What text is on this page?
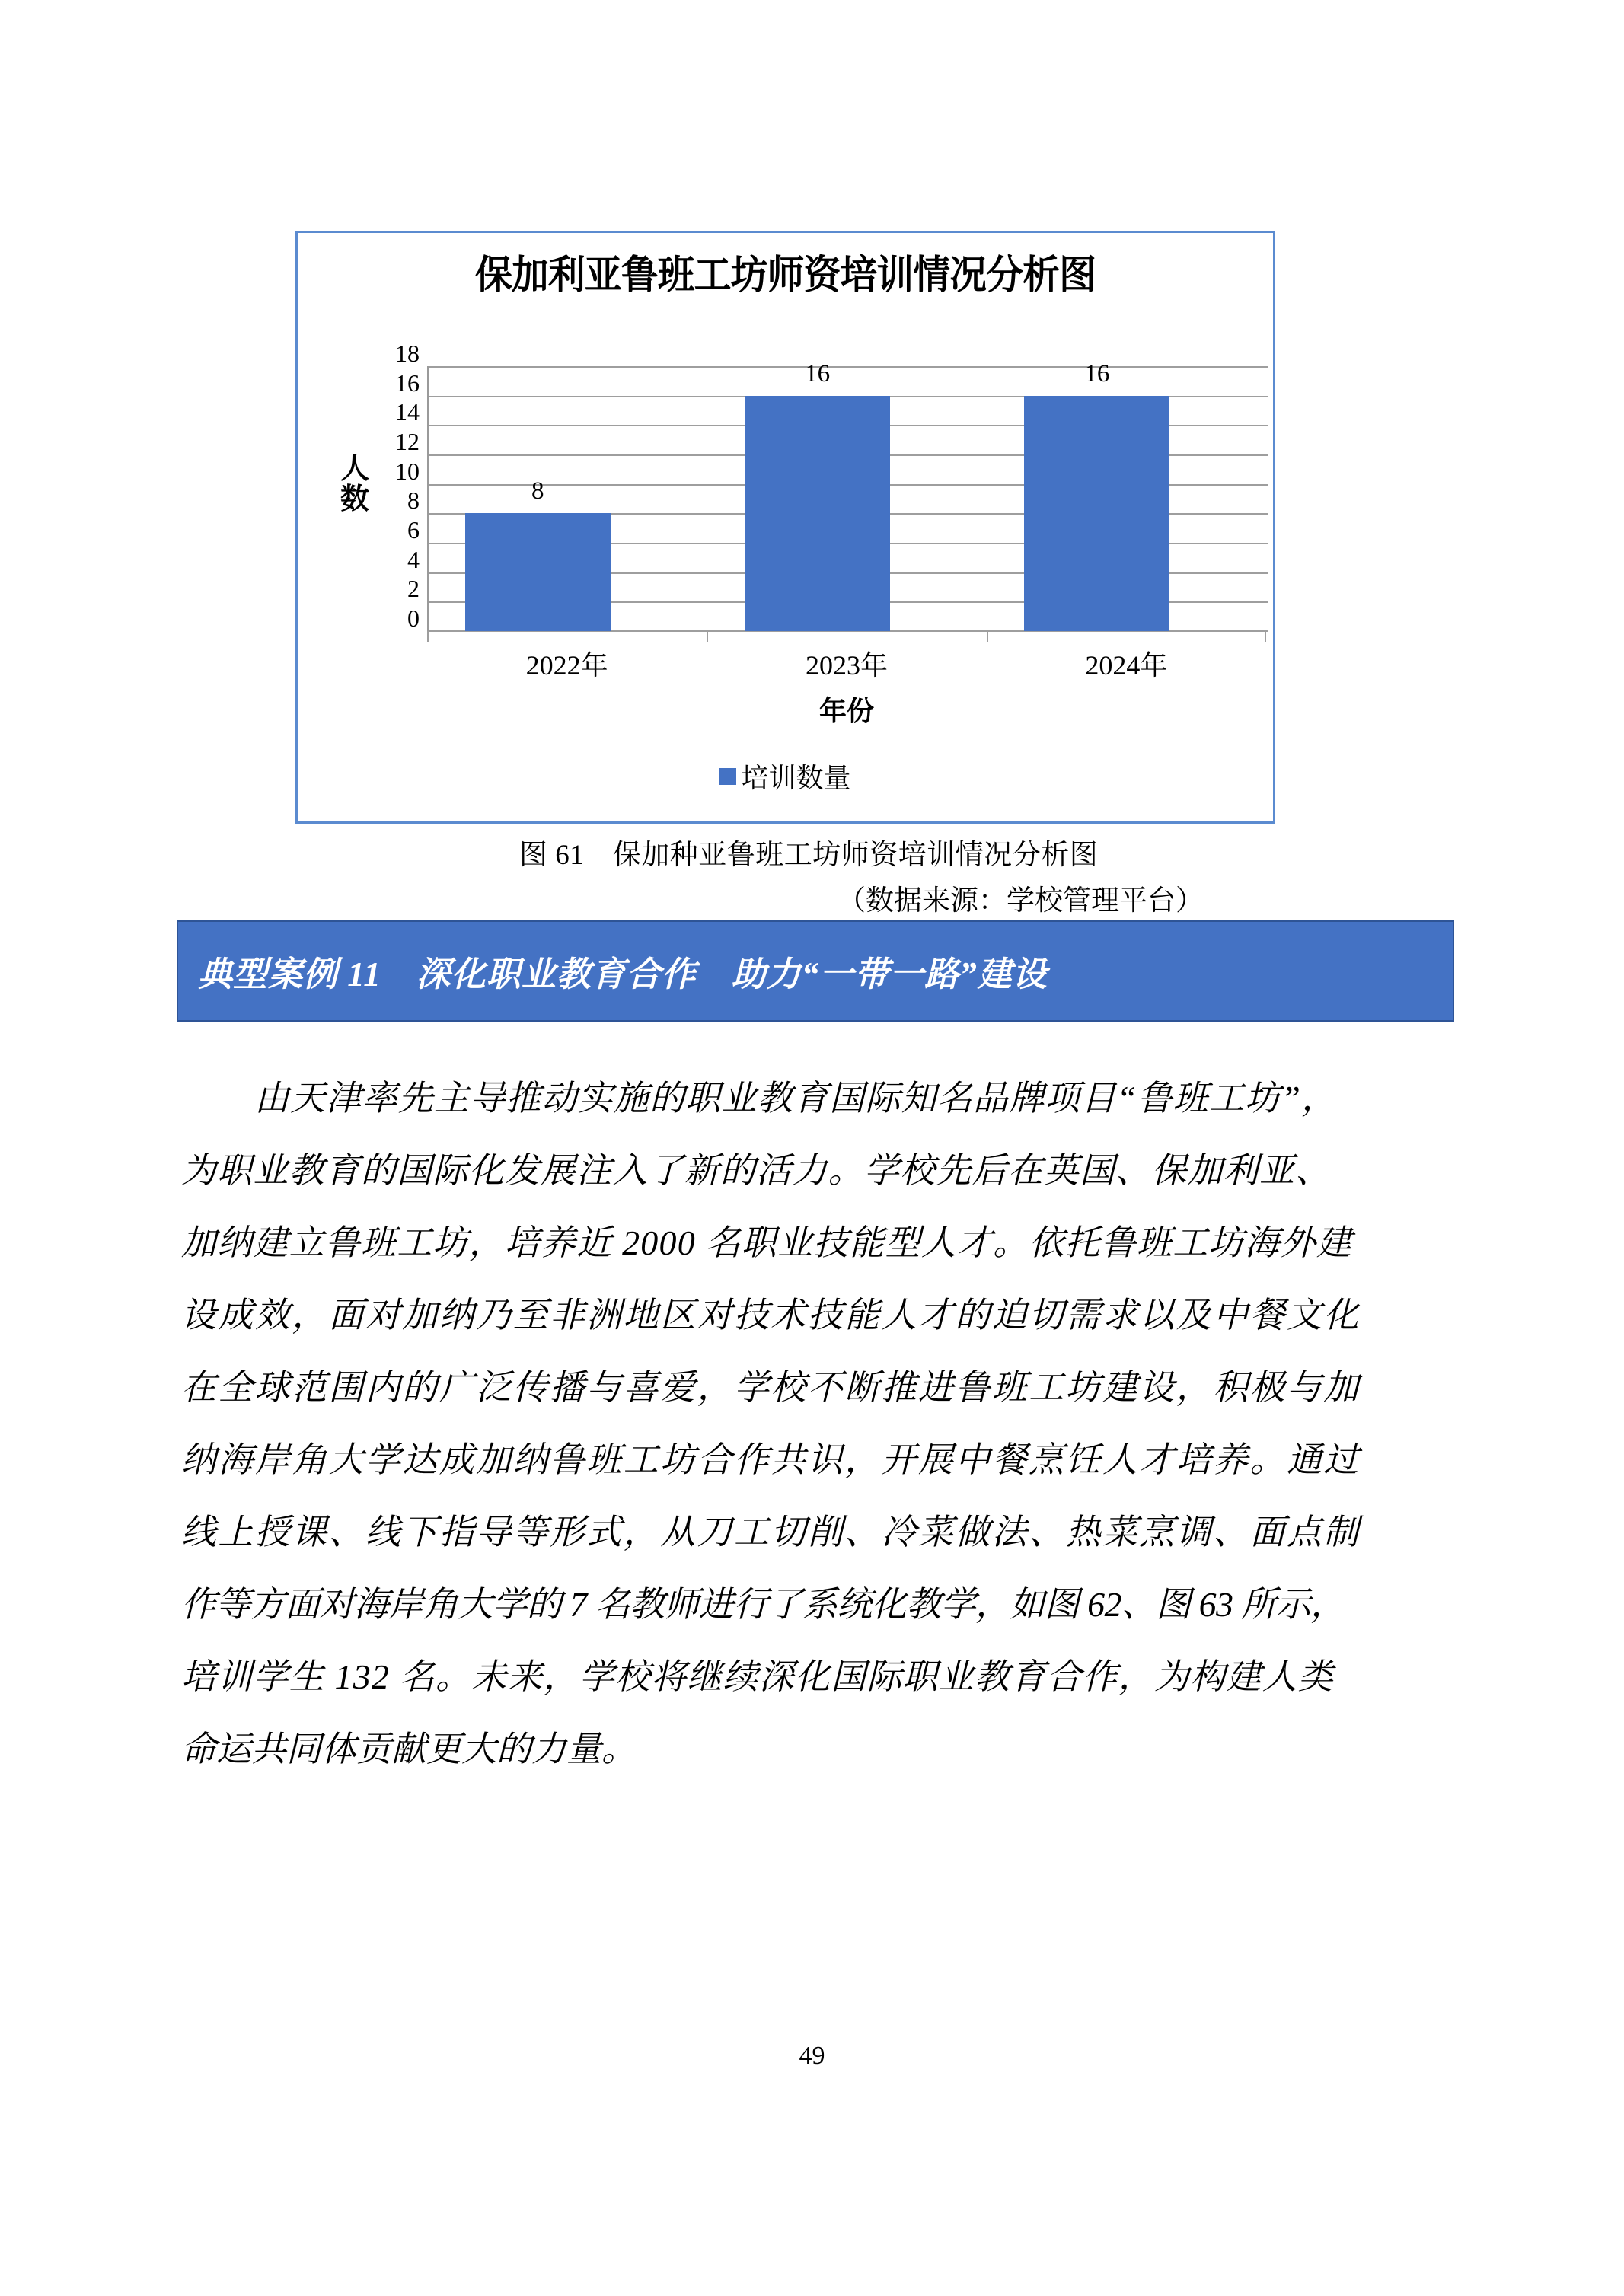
保加利亚鲁班工坊师资培训情况分析图
人
数
18
16
14
12
10
8
6
4
2
0
8
16	16
2022年	2023年	2024年
年份
培训数量
图 61　保加种亚鲁班工坊师资培训情况分析图
（数据来源：学校管理平台）
典型案例 11　深化职业教育合作　助力“一带一路”建设
由天津率先主导推动实施的职业教育国际知名品牌项目“鲁班工坊”，
为职业教育的国际化发展注入了新的活力。学校先后在英国、保加利亚、
加纳建立鲁班工坊，培养近 2000 名职业技能型人才。依托鲁班工坊海外建
设成效，面对加纳乃至非洲地区对技术技能人才的迫切需求以及中餐文化
在全球范围内的广泛传播与喜爱，学校不断推进鲁班工坊建设，积极与加
纳海岸角大学达成加纳鲁班工坊合作共识，开展中餐烹饪人才培养。通过
线上授课、线下指导等形式，从刀工切削、冷菜做法、热菜烹调、面点制
作等方面对海岸角大学的 7 名教师进行了系统化教学，如图 62、图 63 所示，
培训学生 132 名。未来，学校将继续深化国际职业教育合作，为构建人类
命运共同体贡献更大的力量。
49
